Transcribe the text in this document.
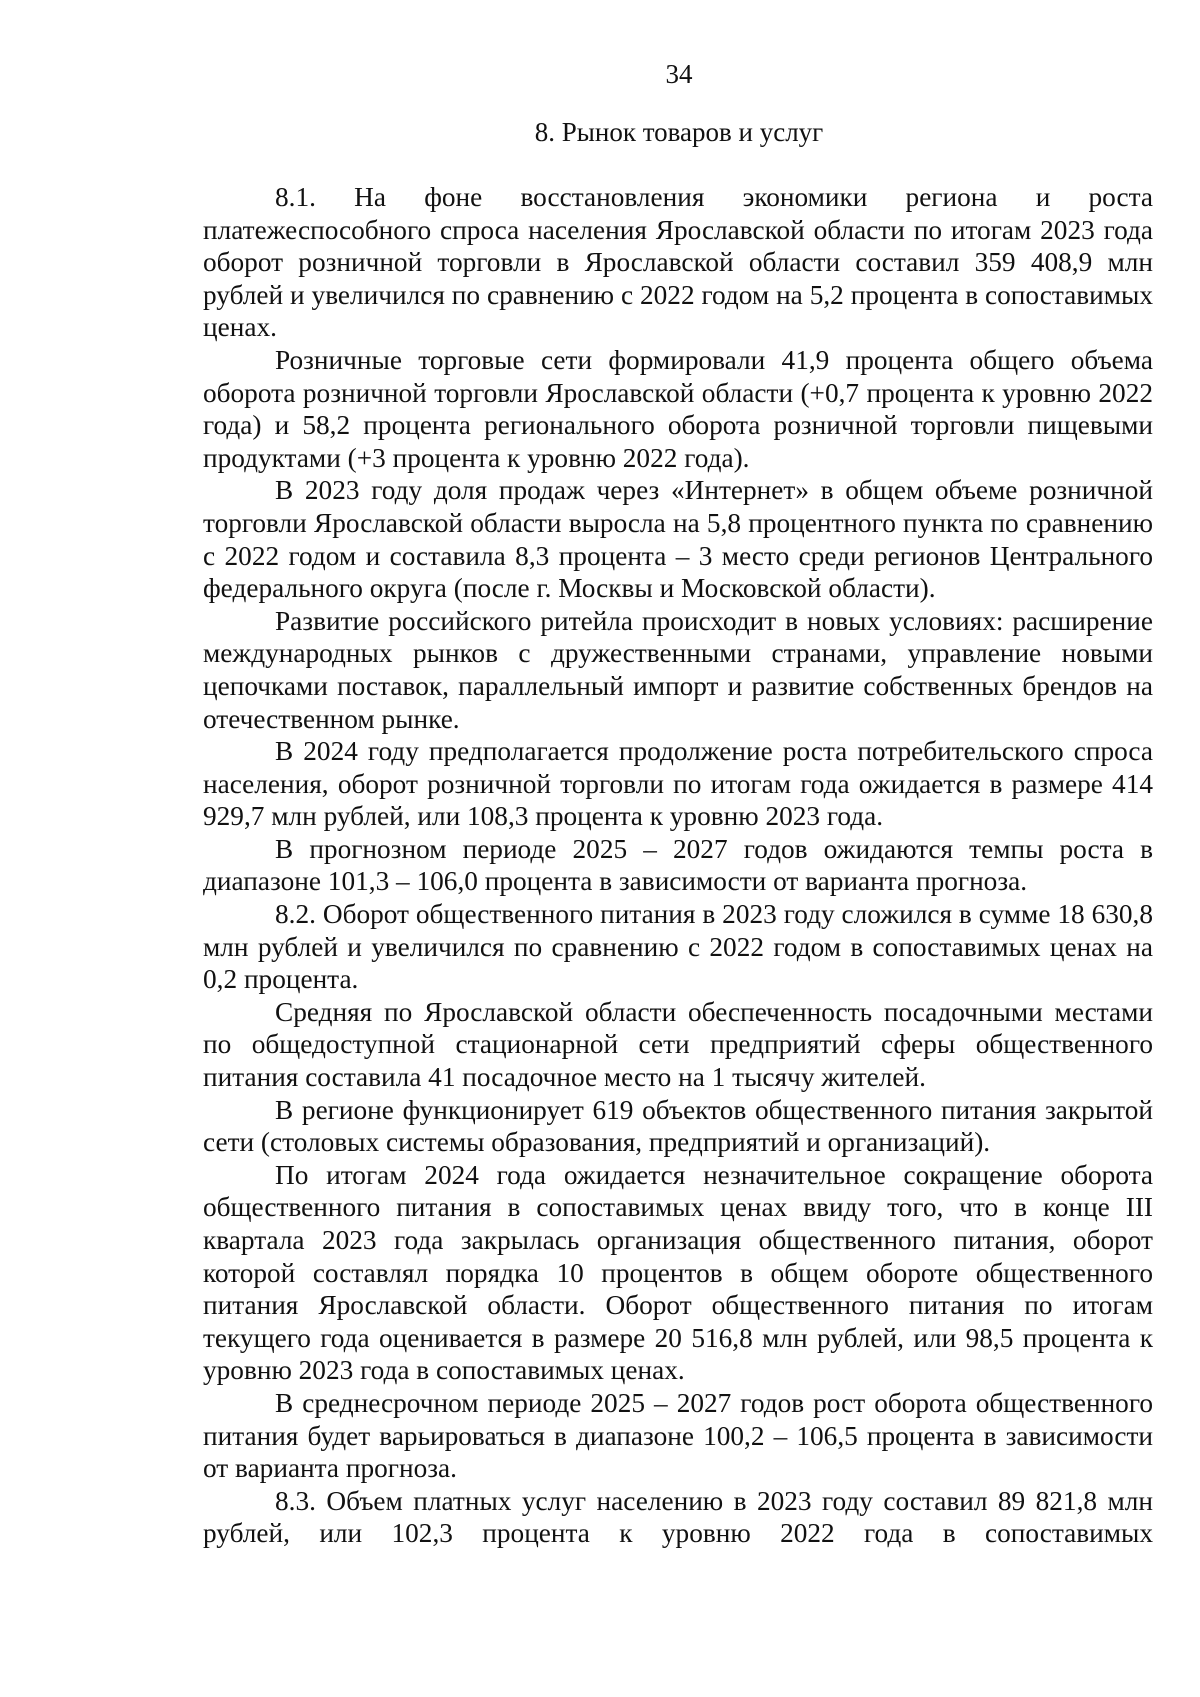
34
8. Рынок товаров и услуг

8.1. На фоне восстановления экономики региона и роста платежеспособного спроса населения Ярославской области по итогам 2023 года оборот розничной торговли в Ярославской области составил 359 408,9 млн рублей и увеличился по сравнению с 2022 годом на 5,2 процента в сопоставимых ценах.

Розничные торговые сети формировали 41,9 процента общего объема оборота розничной торговли Ярославской области (+0,7 процента к уровню 2022 года) и 58,2 процента регионального оборота розничной торговли пищевыми продуктами (+3 процента к уровню 2022 года).

В 2023 году доля продаж через «Интернет» в общем объеме розничной торговли Ярославской области выросла на 5,8 процентного пункта по сравнению с 2022 годом и составила 8,3 процента – 3 место среди регионов Центрального федерального округа (после г. Москвы и Московской области).

Развитие российского ритейла происходит в новых условиях: расширение международных рынков с дружественными странами, управление новыми цепочками поставок, параллельный импорт и развитие собственных брендов на отечественном рынке.

В 2024 году предполагается продолжение роста потребительского спроса населения, оборот розничной торговли по итогам года ожидается в размере 414 929,7 млн рублей, или 108,3 процента к уровню 2023 года.

В прогнозном периоде 2025 – 2027 годов ожидаются темпы роста в диапазоне 101,3 – 106,0 процента в зависимости от варианта прогноза.

8.2. Оборот общественного питания в 2023 году сложился в сумме 18 630,8 млн рублей и увеличился по сравнению с 2022 годом в сопоставимых ценах на 0,2 процента.

Средняя по Ярославской области обеспеченность посадочными местами по общедоступной стационарной сети предприятий сферы общественного питания составила 41 посадочное место на 1 тысячу жителей.

В регионе функционирует 619 объектов общественного питания закрытой сети (столовых системы образования, предприятий и организаций).

По итогам 2024 года ожидается незначительное сокращение оборота общественного питания в сопоставимых ценах ввиду того, что в конце III квартала 2023 года закрылась организация общественного питания, оборот которой составлял порядка 10 процентов в общем обороте общественного питания Ярославской области. Оборот общественного питания по итогам текущего года оценивается в размере 20 516,8 млн рублей, или 98,5 процента к уровню 2023 года в сопоставимых ценах.

В среднесрочном периоде 2025 – 2027 годов рост оборота общественного питания будет варьироваться в диапазоне 100,2 – 106,5 процента в зависимости от варианта прогноза.

8.3. Объем платных услуг населению в 2023 году составил 89 821,8 млн рублей, или 102,3 процента к уровню 2022 года в сопоставимых
